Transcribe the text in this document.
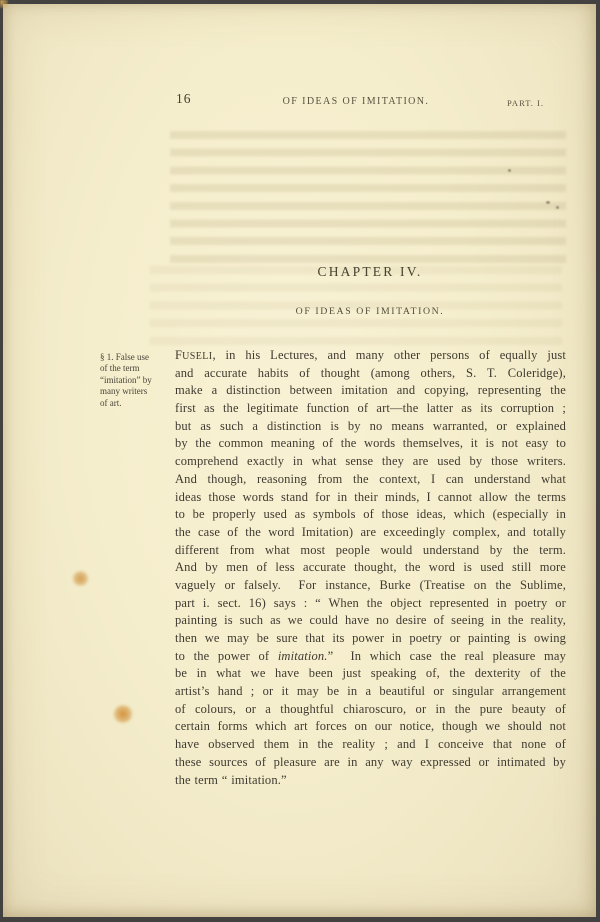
16	OF IDEAS OF IMITATION.	PART. I.
CHAPTER IV.
OF IDEAS OF IMITATION.
§ 1. False use
of the term
“imitation” by
many writers
of art.
FUSELI, in his Lectures, and many other persons of equally just
and accurate habits of thought (among others, S. T. Coleridge),
make a distinction between imitation and copying, representing the
first as the legitimate function of art—the latter as its corruption ;
but as such a distinction is by no means warranted, or explained
by the common meaning of the words themselves, it is not easy to
comprehend exactly in what sense they are used by those writers.
And though, reasoning from the context, I can understand what
ideas those words stand for in their minds, I cannot allow the terms
to be properly used as symbols of those ideas, which (especially in
the case of the word Imitation) are exceedingly complex, and totally
different from what most people would understand by the term.
And by men of less accurate thought, the word is used still more
vaguely or falsely.  For instance, Burke (Treatise on the Sublime,
part i. sect. 16) says : “ When the object represented in poetry or
painting is such as we could have no desire of seeing in the reality,
then we may be sure that its power in poetry or painting is owing
to the power of imitation.”  In which case the real pleasure may
be in what we have been just speaking of, the dexterity of the
artist’s hand ; or it may be in a beautiful or singular arrangement
of colours, or a thoughtful chiaroscuro, or in the pure beauty of
certain forms which art forces on our notice, though we should not
have observed them in the reality ; and I conceive that none of
these sources of pleasure are in any way expressed or intimated by
the term “ imitation.”
